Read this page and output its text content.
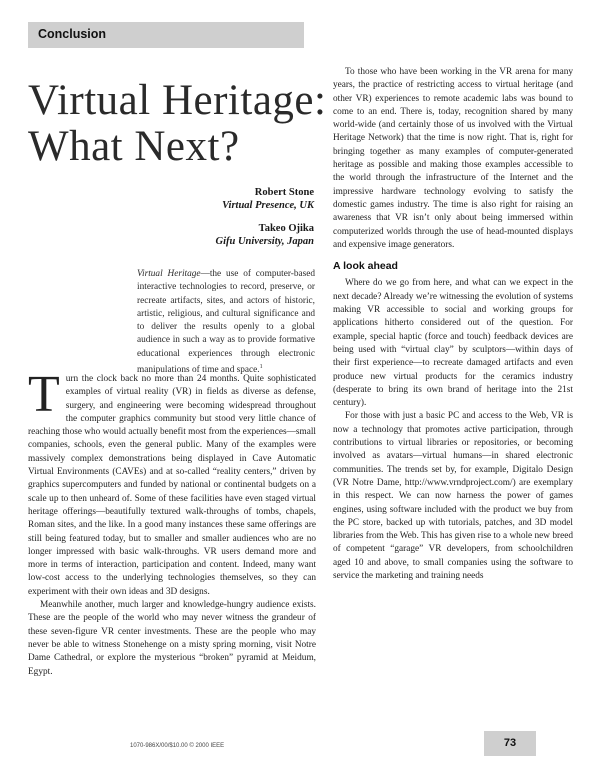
Conclusion
Virtual Heritage:
What Next?
Robert Stone
Virtual Presence, UK
Takeo Ojika
Gifu University, Japan
Virtual Heritage—the use of computer-based interactive technologies to record, preserve, or recreate artifacts, sites, and actors of historic, artistic, religious, and cultural significance and to deliver the results openly to a global audience in such a way as to provide formative educational experiences through electronic manipulations of time and space.$^1$

Turn the clock back no more than 24 months. Quite sophisticated examples of virtual reality (VR) in fields as diverse as defense, surgery, and engineering were becoming widespread throughout the computer graphics community but stood very little chance of reaching those who would actually benefit most from the experiences—small companies, schools, even the general public. Many of the examples were massively complex demonstrations being displayed in Cave Automatic Virtual Environments (CAVEs) and at so-called “reality centers,” driven by graphics supercomputers and funded by national or continental budgets on a scale up to then unheard of. Some of these facilities have even staged virtual heritage offerings—beautifully textured walk-throughs of tombs, chapels, Roman sites, and the like. In a good many instances these same offerings are still being featured today, but to smaller and smaller audiences who are no longer impressed with basic walk-throughs. VR users demand more and more in terms of interaction, participation and content. Indeed, many want low-cost access to the underlying technologies themselves, so they can experiment with their own ideas and 3D designs.

Meanwhile another, much larger and knowledge-hungry audience exists. These are the people of the world who may never witness the grandeur of these seven-figure VR center investments. These are the people who may never be able to witness Stonehenge on a misty spring morning, visit Notre Dame Cathedral, or explore the mysterious “broken” pyramid at Meidum, Egypt.

To those who have been working in the VR arena for many years, the practice of restricting access to virtual heritage (and other VR) experiences to remote academic labs was bound to come to an end. There is, today, recognition shared by many world-wide (and certainly those of us involved with the Virtual Heritage Network) that the time is now right. That is, right for bringing together as many examples of computer-generated heritage as possible and making those examples accessible to the world through the infrastructure of the Internet and the impressive hardware technology evolving to satisfy the domestic games industry. The time is also right for raising an awareness that VR isn’t only about being immersed within computerized worlds through the use of head-mounted displays and expensive image generators.

A look ahead

Where do we go from here, and what can we expect in the next decade? Already we’re witnessing the evolution of systems making VR accessible to social and working groups for applications hitherto considered out of the question. For example, special haptic (force and touch) feedback devices are being used with “virtual clay” by sculptors—within days of their first experience—to recreate damaged artifacts and even produce new virtual products for the ceramics industry (desperate to bring its own brand of heritage into the 21st century).

For those with just a basic PC and access to the Web, VR is now a technology that promotes active participation, through contributions to virtual libraries or repositories, or becoming involved as avatars—virtual humans—in shared electronic communities. The trends set by, for example, Digitalo Design (VR Notre Dame, http://www.vrndproject.com/) are exemplary in this respect. We can now harness the power of games engines, using software included with the product we buy from the PC store, backed up with tutorials, patches, and 3D model libraries from the Web. This has given rise to a whole new breed of competent “garage” VR developers, from schoolchildren aged 10 and above, to small companies using the software to service the marketing and training needs

1070-986X/00/$10.00 © 2000 IEEE	73
